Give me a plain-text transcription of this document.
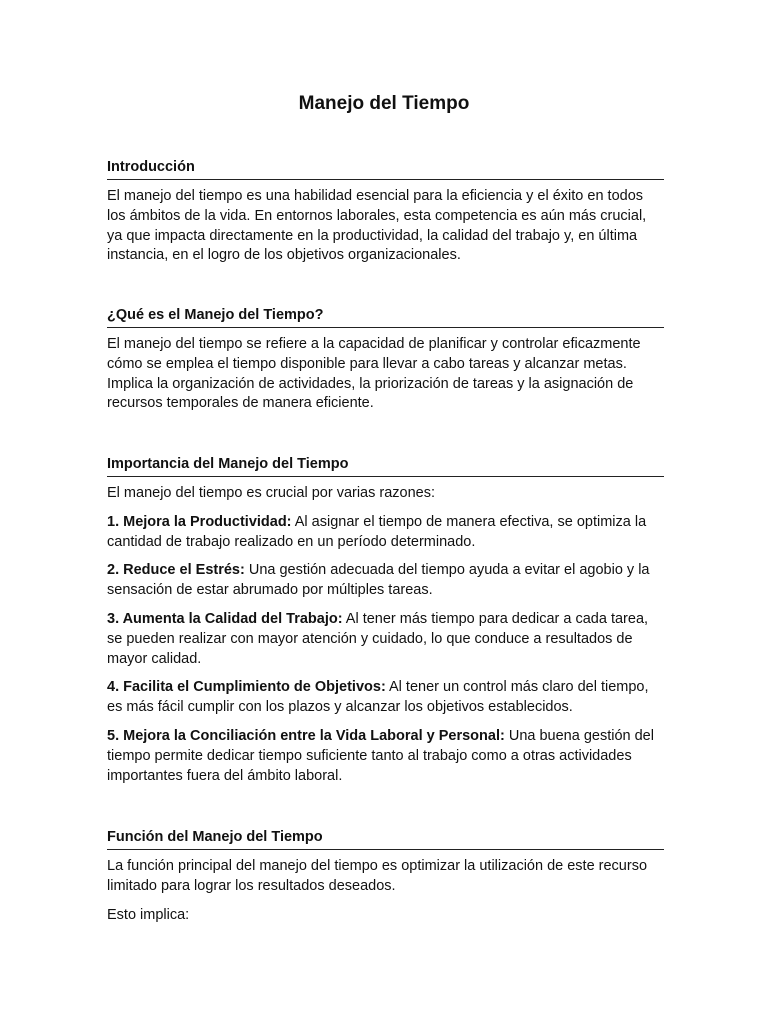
Manejo del Tiempo
Introducción

El manejo del tiempo es una habilidad esencial para la eficiencia y el éxito en todos los ámbitos de la vida. En entornos laborales, esta competencia es aún más crucial, ya que impacta directamente en la productividad, la calidad del trabajo y, en última instancia, en el logro de los objetivos organizacionales.

¿Qué es el Manejo del Tiempo?

El manejo del tiempo se refiere a la capacidad de planificar y controlar eficazmente cómo se emplea el tiempo disponible para llevar a cabo tareas y alcanzar metas. Implica la organización de actividades, la priorización de tareas y la asignación de recursos temporales de manera eficiente.

Importancia del Manejo del Tiempo

El manejo del tiempo es crucial por varias razones:

1. Mejora la Productividad: Al asignar el tiempo de manera efectiva, se optimiza la cantidad de trabajo realizado en un período determinado.

2. Reduce el Estrés: Una gestión adecuada del tiempo ayuda a evitar el agobio y la sensación de estar abrumado por múltiples tareas.

3. Aumenta la Calidad del Trabajo: Al tener más tiempo para dedicar a cada tarea, se pueden realizar con mayor atención y cuidado, lo que conduce a resultados de mayor calidad.

4. Facilita el Cumplimiento de Objetivos: Al tener un control más claro del tiempo, es más fácil cumplir con los plazos y alcanzar los objetivos establecidos.

5. Mejora la Conciliación entre la Vida Laboral y Personal: Una buena gestión del tiempo permite dedicar tiempo suficiente tanto al trabajo como a otras actividades importantes fuera del ámbito laboral.

Función del Manejo del Tiempo

La función principal del manejo del tiempo es optimizar la utilización de este recurso limitado para lograr los resultados deseados.

Esto implica:
